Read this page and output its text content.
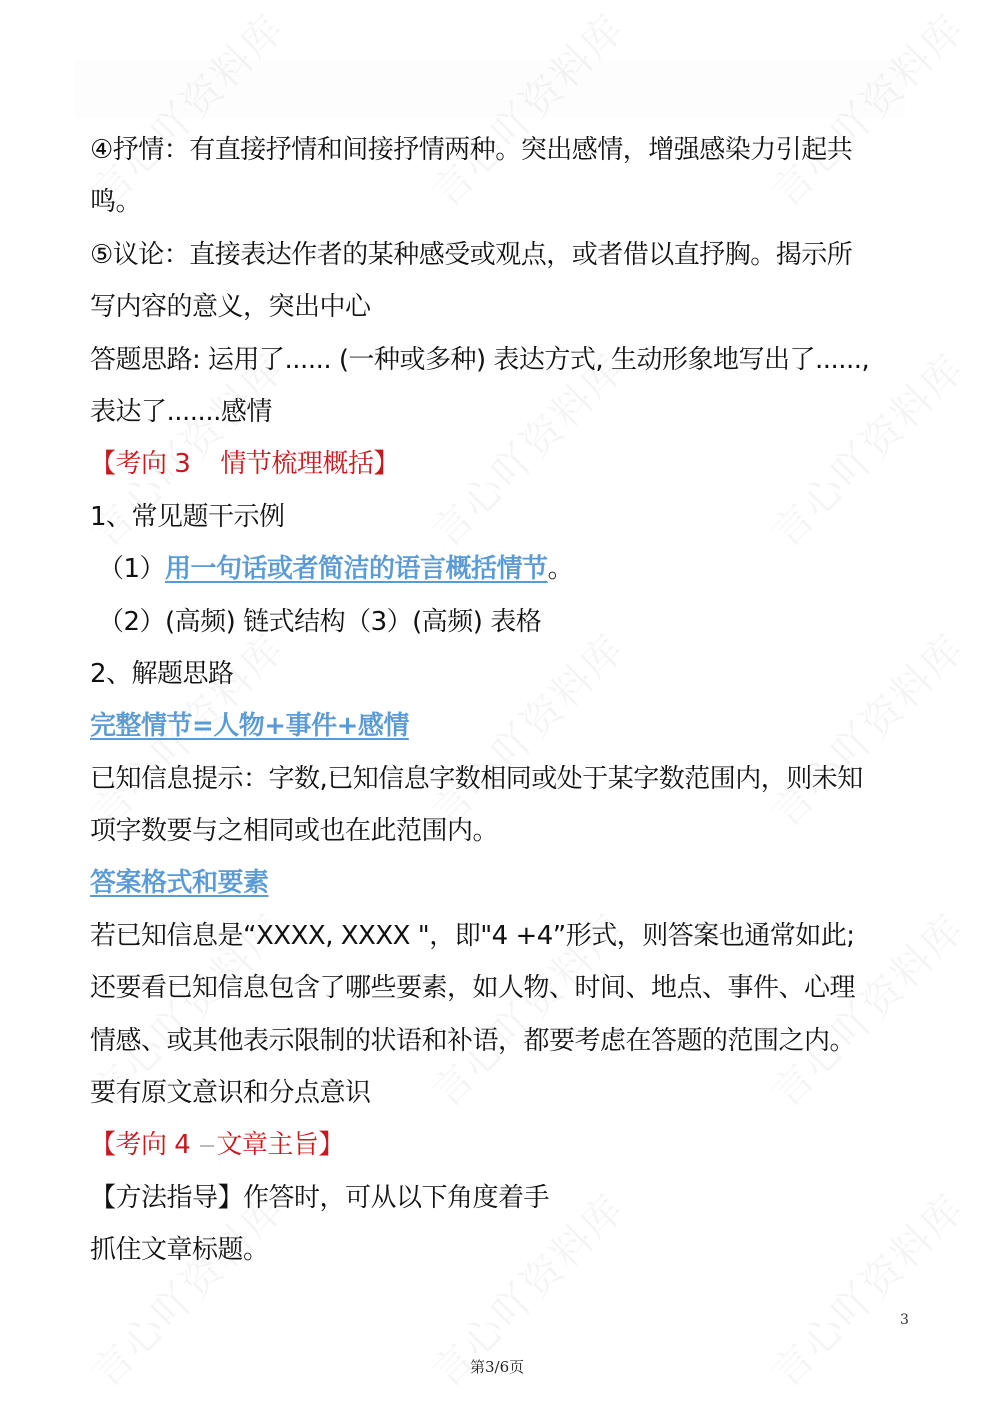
④抒情：有直接抒情和间接抒情两种。突出感情，增强感染力引起共
鸣。
⑤议论：直接表达作者的某种感受或观点，或者借以直抒胸。揭示所
写内容的意义，突出中心
答题思路: 运用了...... (一种或多种) 表达方式, 生动形象地写出了......,
表达了.......感情
【考向 3 情节梳理概括】
1、常见题干示例
（1）用一句话或者简洁的语言概括情节。
（2）(高频) 链式结构（3）(高频) 表格
2、解题思路
完整情节=人物+事件+感情
已知信息提示：字数,已知信息字数相同或处于某字数范围内，则未知
项字数要与之相同或也在此范围内。
答案格式和要素
若已知信息是“XXXX, XXXX "，即"4 +4”形式，则答案也通常如此;
还要看已知信息包含了哪些要素，如人物、时间、地点、事件、心理
情感、或其他表示限制的状语和补语，都要考虑在答题的范围之内。
要有原文意识和分点意识
【考向 4 文章主旨】
【方法指导】作答时，可从以下角度着手
抓住文章标题。
3
第3/6页
